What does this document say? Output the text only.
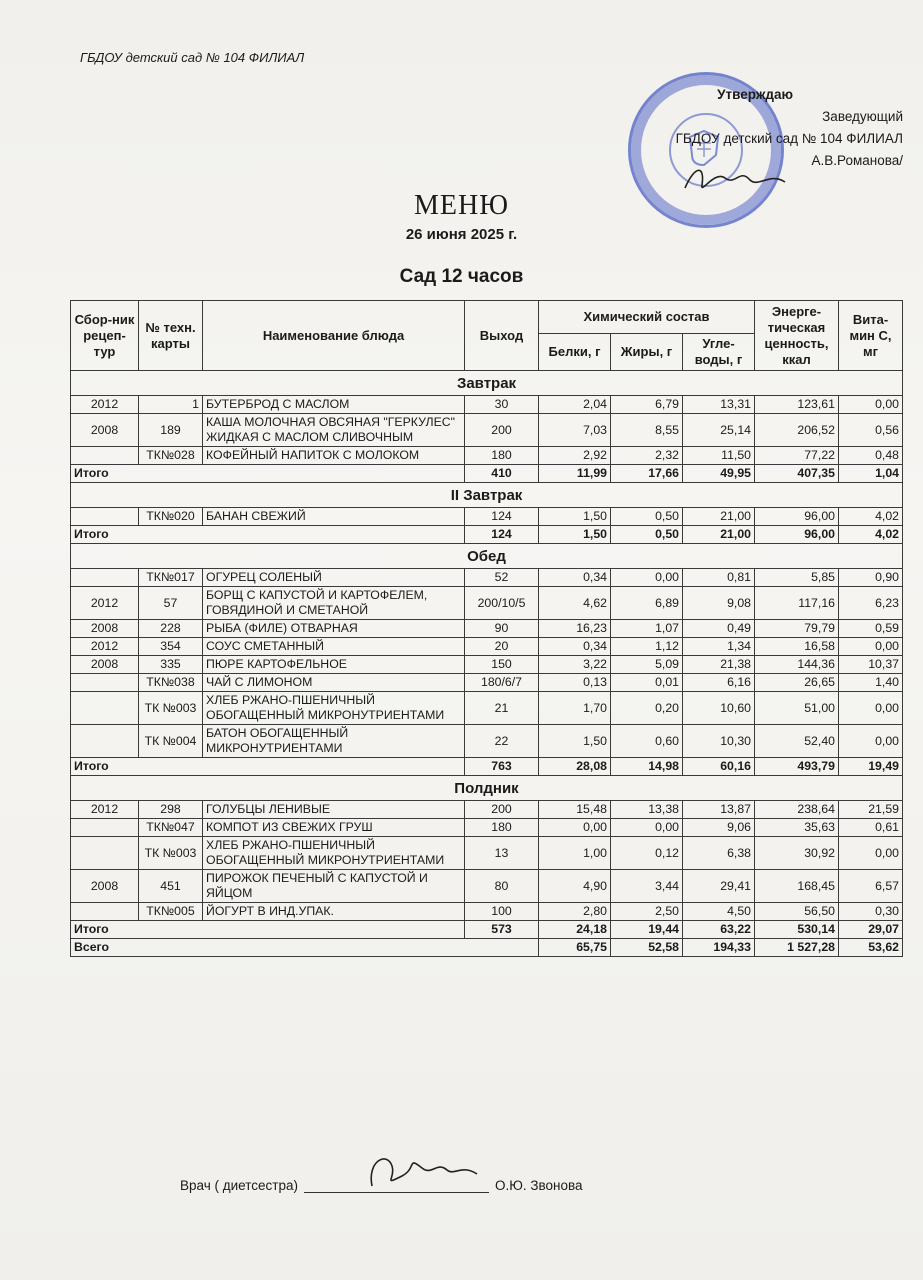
ГБДОУ детский сад № 104 ФИЛИАЛ
Утверждаю
Заведующий
ГБДОУ детский сад № 104 ФИЛИАЛ
А.В.Романова/
МЕНЮ
26 июня 2025 г.
Сад 12 часов
Сбор-ник рецеп-тур	№ техн. карты	Наименование блюда	Выход	Химический состав			Энерге-тическая ценность, ккал	Вита-мин С, мг
				Белки, г	Жиры, г	Угле-воды, г		
Завтрак								
2012	1	БУТЕРБРОД С МАСЛОМ	30	2,04	6,79	13,31	123,61	0,00
2008	189	КАША МОЛОЧНАЯ ОВСЯНАЯ "ГЕРКУЛЕС" ЖИДКАЯ С МАСЛОМ СЛИВОЧНЫМ	200	7,03	8,55	25,14	206,52	0,56
	ТК№028	КОФЕЙНЫЙ НАПИТОК С МОЛОКОМ	180	2,92	2,32	11,50	77,22	0,48
Итого			410	11,99	17,66	49,95	407,35	1,04
II Завтрак								
	ТК№020	БАНАН СВЕЖИЙ	124	1,50	0,50	21,00	96,00	4,02
Итого			124	1,50	0,50	21,00	96,00	4,02
Обед								
	ТК№017	ОГУРЕЦ СОЛЕНЫЙ	52	0,34	0,00	0,81	5,85	0,90
2012	57	БОРЩ С КАПУСТОЙ И КАРТОФЕЛЕМ, ГОВЯДИНОЙ И СМЕТАНОЙ	200/10/5	4,62	6,89	9,08	117,16	6,23
2008	228	РЫБА (ФИЛЕ) ОТВАРНАЯ	90	16,23	1,07	0,49	79,79	0,59
2012	354	СОУС СМЕТАННЫЙ	20	0,34	1,12	1,34	16,58	0,00
2008	335	ПЮРЕ КАРТОФЕЛЬНОЕ	150	3,22	5,09	21,38	144,36	10,37
	ТК№038	ЧАЙ С ЛИМОНОМ	180/6/7	0,13	0,01	6,16	26,65	1,40
	ТК №003	ХЛЕБ РЖАНО-ПШЕНИЧНЫЙ ОБОГАЩЕННЫЙ МИКРОНУТРИЕНТАМИ	21	1,70	0,20	10,60	51,00	0,00
	ТК №004	БАТОН ОБОГАЩЕННЫЙ МИКРОНУТРИЕНТАМИ	22	1,50	0,60	10,30	52,40	0,00
Итого			763	28,08	14,98	60,16	493,79	19,49
Полдник								
2012	298	ГОЛУБЦЫ ЛЕНИВЫЕ	200	15,48	13,38	13,87	238,64	21,59
	ТК№047	КОМПОТ ИЗ СВЕЖИХ ГРУШ	180	0,00	0,00	9,06	35,63	0,61
	ТК №003	ХЛЕБ РЖАНО-ПШЕНИЧНЫЙ ОБОГАЩЕННЫЙ МИКРОНУТРИЕНТАМИ	13	1,00	0,12	6,38	30,92	0,00
2008	451	ПИРОЖОК ПЕЧЕНЫЙ С КАПУСТОЙ И ЯЙЦОМ	80	4,90	3,44	29,41	168,45	6,57
	ТК№005	ЙОГУРТ В ИНД.УПАК.	100	2,80	2,50	4,50	56,50	0,30
Итого			573	24,18	19,44	63,22	530,14	29,07
Всего				65,75	52,58	194,33	1 527,28	53,62
Врач ( диетсестра)	О.Ю. Звонова
